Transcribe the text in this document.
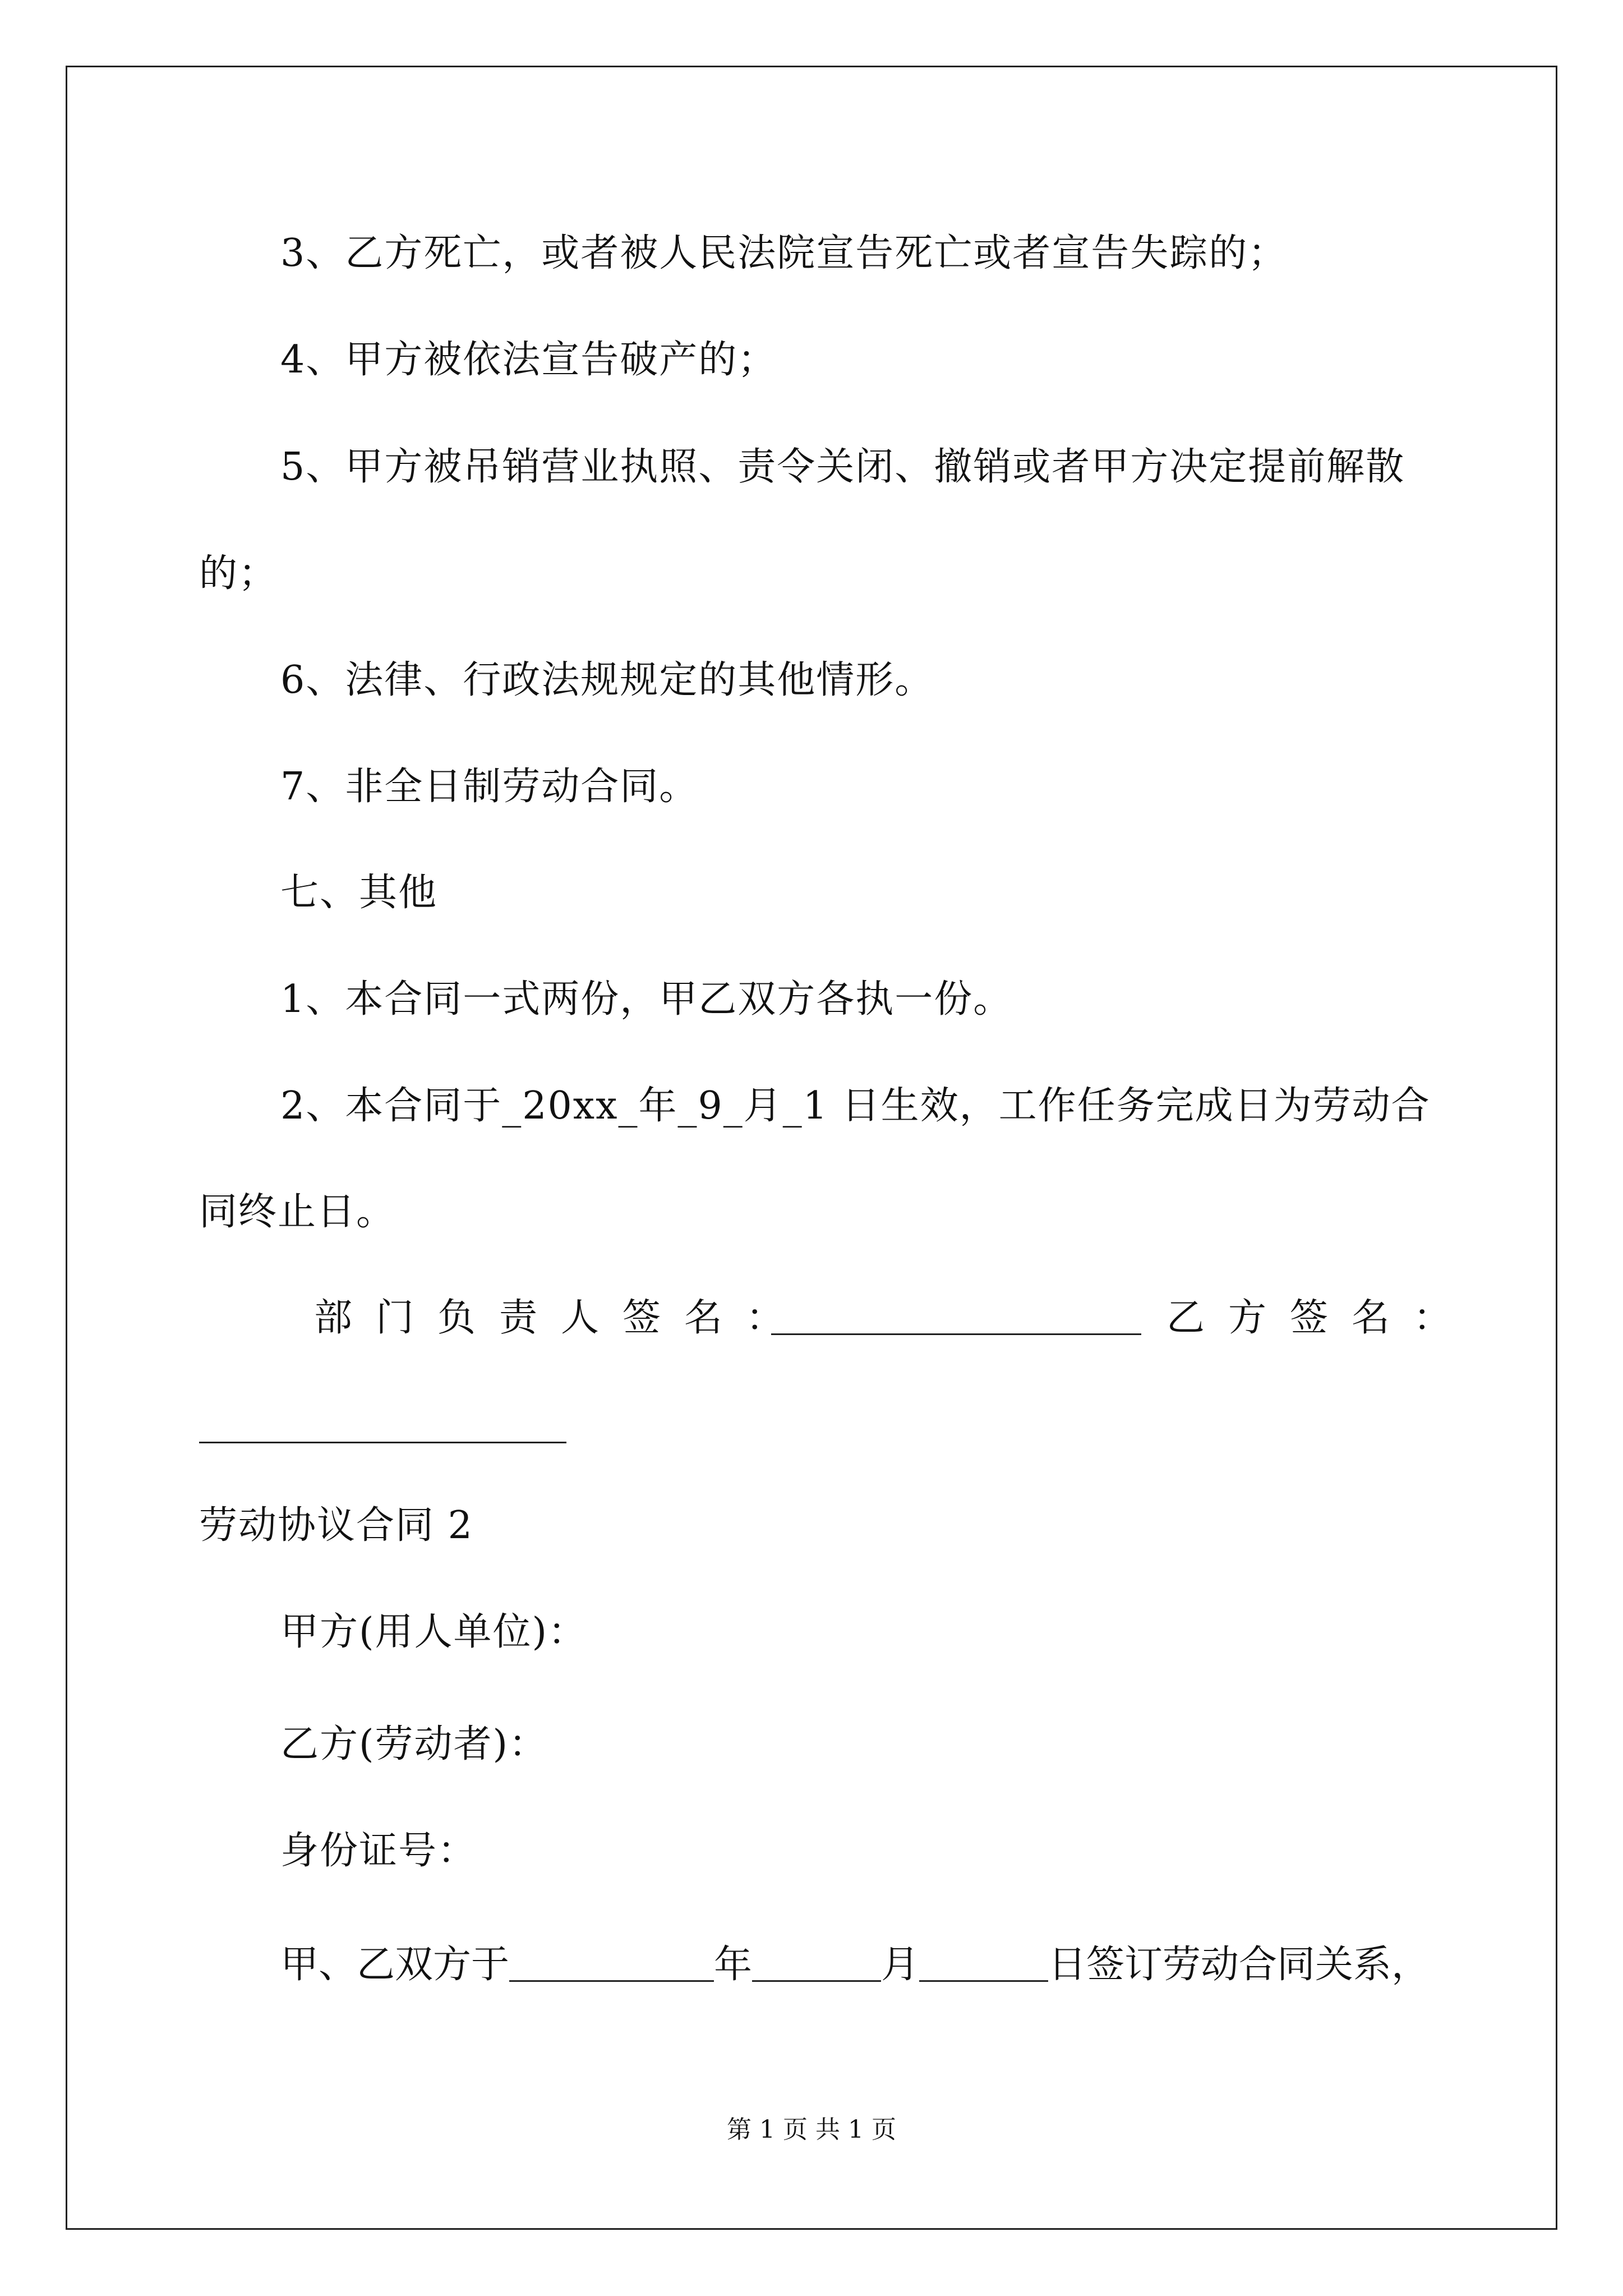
3、乙方死亡，或者被人民法院宣告死亡或者宣告失踪的；
4、甲方被依法宣告破产的；
5、甲方被吊销营业执照、责令关闭、撤销或者甲方决定提前解散
的；
6、法律、行政法规规定的其他情形。
7、非全日制劳动合同。
七、其他
1、本合同一式两份，甲乙双方各执一份。
2、本合同于_20xx_年_9_月_1 日生效，工作任务完成日为劳动合
同终止日。
部门负责人签名：	乙方签名：
劳动协议合同 2
甲方(用人单位)：
乙方(劳动者)：
身份证号：
甲、乙双方于	年	月	日签订劳动合同关系，
第 1 页 共 1 页
